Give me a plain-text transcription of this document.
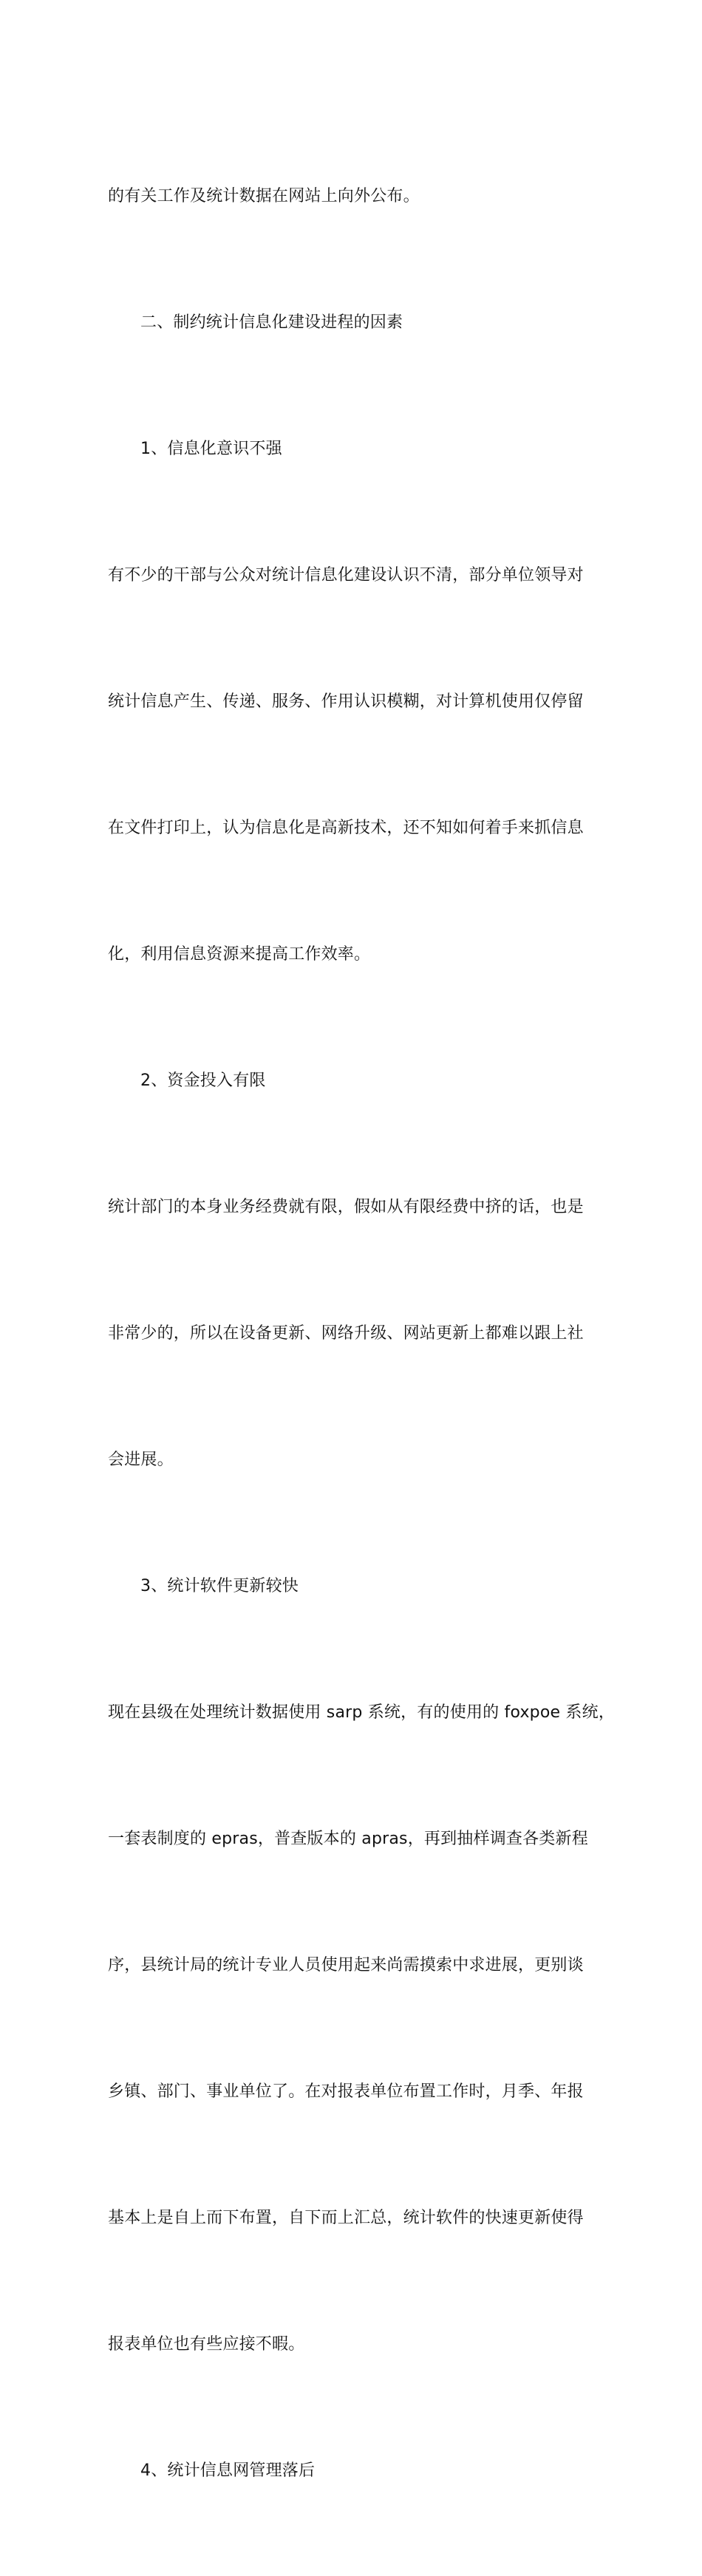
的有关工作及统计数据在网站上向外公布。

二、制约统计信息化建设进程的因素

1、信息化意识不强

有不少的干部与公众对统计信息化建设认识不清，部分单位领导对

统计信息产生、传递、服务、作用认识模糊，对计算机使用仅停留

在文件打印上，认为信息化是高新技术，还不知如何着手来抓信息

化，利用信息资源来提高工作效率。

2、资金投入有限

统计部门的本身业务经费就有限，假如从有限经费中挤的话，也是

非常少的，所以在设备更新、网络升级、网站更新上都难以跟上社

会进展。

3、统计软件更新较快

现在县级在处理统计数据使用 sarp 系统，有的使用的 foxpoe 系统，

一套表制度的 epras，普查版本的 apras，再到抽样调查各类新程

序，县统计局的统计专业人员使用起来尚需摸索中求进展，更别谈

乡镇、部门、事业单位了。在对报表单位布置工作时，月季、年报

基本上是自上而下布置，自下而上汇总，统计软件的快速更新使得

报表单位也有些应接不暇。

4、统计信息网管理落后
